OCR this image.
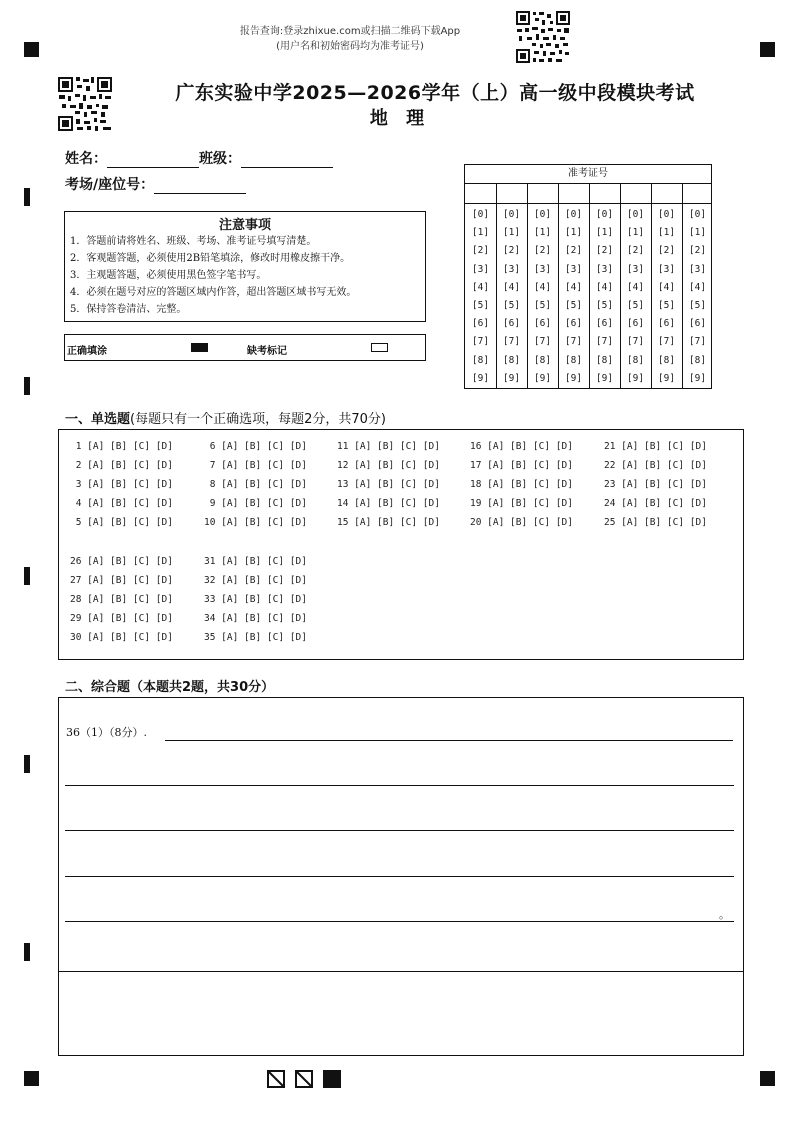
报告查询:登录zhixue.com或扫描二维码下载App
(用户名和初始密码均为准考证号)
广东实验中学2025—2026学年（上）高一级中段模块考试
地 理
姓名：	班级：
考场/座位号：
注意事项
1．答题前请将姓名、班级、考场、准考证号填写清楚。
2．客观题答题，必须使用2B铅笔填涂，修改时用橡皮擦干净。
3．主观题答题，必须使用黑色签字笔书写。
4．必须在题号对应的答题区域内作答，超出答题区域书写无效。
5．保持答卷清洁、完整。
正确填涂	缺考标记
准考证号
[0]
[1]
[2]
[3]
[4]
[5]
[6]
[7]
[8]
[9]
[0]
[1]
[2]
[3]
[4]
[5]
[6]
[7]
[8]
[9]
[0]
[1]
[2]
[3]
[4]
[5]
[6]
[7]
[8]
[9]
[0]
[1]
[2]
[3]
[4]
[5]
[6]
[7]
[8]
[9]
[0]
[1]
[2]
[3]
[4]
[5]
[6]
[7]
[8]
[9]
[0]
[1]
[2]
[3]
[4]
[5]
[6]
[7]
[8]
[9]
[0]
[1]
[2]
[3]
[4]
[5]
[6]
[7]
[8]
[9]
[0]
[1]
[2]
[3]
[4]
[5]
[6]
[7]
[8]
[9]
一、单选题(每题只有一个正确选项，每题2分，共70分)
1 [A] [B] [C] [D]
2 [A] [B] [C] [D]
3 [A] [B] [C] [D]
4 [A] [B] [C] [D]
5 [A] [B] [C] [D]
6 [A] [B] [C] [D]
7 [A] [B] [C] [D]
8 [A] [B] [C] [D]
9 [A] [B] [C] [D]
10 [A] [B] [C] [D]
11 [A] [B] [C] [D]
12 [A] [B] [C] [D]
13 [A] [B] [C] [D]
14 [A] [B] [C] [D]
15 [A] [B] [C] [D]
16 [A] [B] [C] [D]
17 [A] [B] [C] [D]
18 [A] [B] [C] [D]
19 [A] [B] [C] [D]
20 [A] [B] [C] [D]
21 [A] [B] [C] [D]
22 [A] [B] [C] [D]
23 [A] [B] [C] [D]
24 [A] [B] [C] [D]
25 [A] [B] [C] [D]
26 [A] [B] [C] [D]
27 [A] [B] [C] [D]
28 [A] [B] [C] [D]
29 [A] [B] [C] [D]
30 [A] [B] [C] [D]
31 [A] [B] [C] [D]
32 [A] [B] [C] [D]
33 [A] [B] [C] [D]
34 [A] [B] [C] [D]
35 [A] [B] [C] [D]
二、综合题（本题共2题，共30分）
36（1）（8分）.
。
